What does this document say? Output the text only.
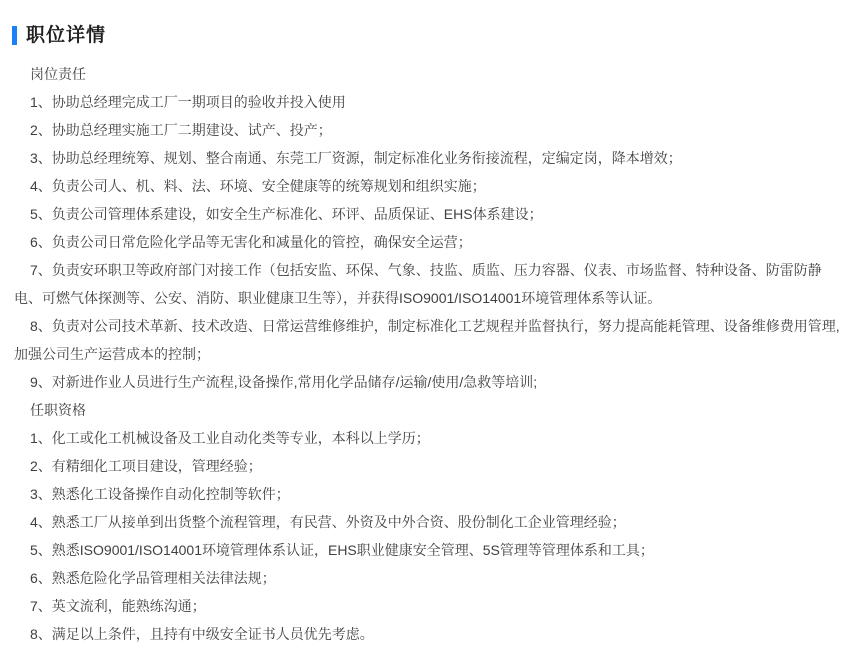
职位详情

岗位责任

1、协助总经理完成工厂一期项目的验收并投入使用

2、协助总经理实施工厂二期建设、试产、投产；

3、协助总经理统筹、规划、整合南通、东莞工厂资源，制定标准化业务衔接流程，定编定岗，降本增效；

4、负责公司人、机、料、法、环境、安全健康等的统筹规划和组织实施；

5、负责公司管理体系建设，如安全生产标准化、环评、品质保证、EHS体系建设；

6、负责公司日常危险化学品等无害化和减量化的管控，确保安全运营；

7、负责安环职卫等政府部门对接工作（包括安监、环保、气象、技监、质监、压力容器、仪表、市场监督、特种设备、防雷防静电、可燃气体探测等、公安、消防、职业健康卫生等），并获得ISO9001/ISO14001环境管理体系等认证。

8、负责对公司技术革新、技术改造、日常运营维修维护，制定标准化工艺规程并监督执行，努力提高能耗管理、设备维修费用管理,加强公司生产运营成本的控制；

9、对新进作业人员进行生产流程,设备操作,常用化学品储存/运输/使用/急救等培训;

任职资格

1、化工或化工机械设备及工业自动化类等专业，本科以上学历；

2、有精细化工项目建设，管理经验；

3、熟悉化工设备操作自动化控制等软件；

4、熟悉工厂从接单到出货整个流程管理，有民营、外资及中外合资、股份制化工企业管理经验；

5、熟悉ISO9001/ISO14001环境管理体系认证，EHS职业健康安全管理、5S管理等管理体系和工具；

6、熟悉危险化学品管理相关法律法规；

7、英文流利，能熟练沟通；

8、满足以上条件，且持有中级安全证书人员优先考虑。
